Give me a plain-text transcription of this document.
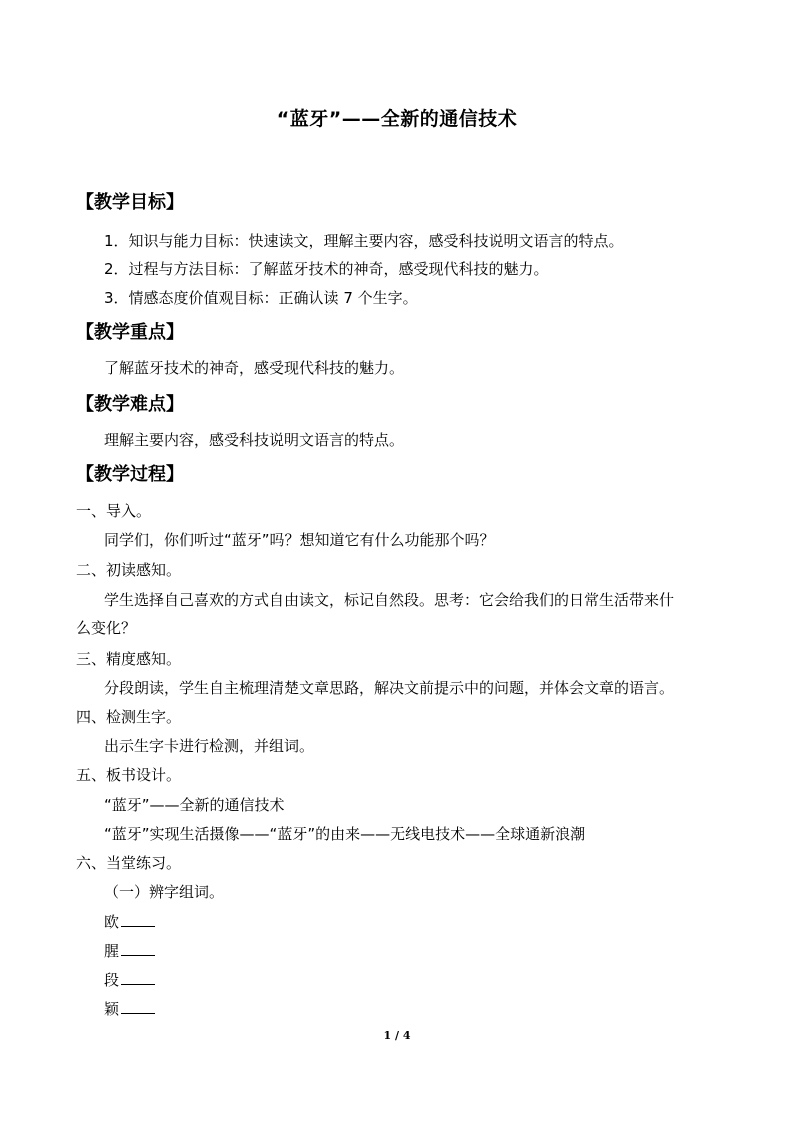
“蓝牙”——全新的通信技术
【教学目标】
1．知识与能力目标：快速读文，理解主要内容，感受科技说明文语言的特点。
2．过程与方法目标：了解蓝牙技术的神奇，感受现代科技的魅力。
3．情感态度价值观目标：正确认读 7 个生字。
【教学重点】
了解蓝牙技术的神奇，感受现代科技的魅力。
【教学难点】
理解主要内容，感受科技说明文语言的特点。
【教学过程】
一、导入。
同学们，你们听过“蓝牙”吗？想知道它有什么功能那个吗？
二、初读感知。
学生选择自己喜欢的方式自由读文，标记自然段。思考：它会给我们的日常生活带来什
么变化？
三、精度感知。
分段朗读，学生自主梳理清楚文章思路，解决文前提示中的问题，并体会文章的语言。
四、检测生字。
出示生字卡进行检测，并组词。
五、板书设计。
“蓝牙”——全新的通信技术
“蓝牙”实现生活摄像——“蓝牙”的由来——无线电技术——全球通新浪潮
六、当堂练习。
（一）辨字组词。
欧
腥
段
颖
1 / 4
